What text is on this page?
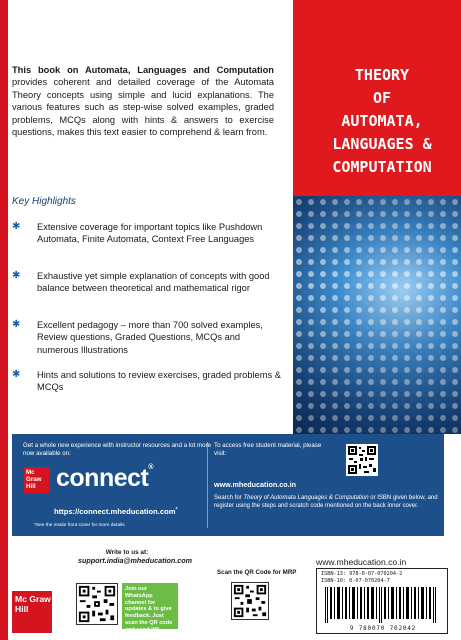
This book on Automata, Languages and Computation provides coherent and detailed coverage of the Automata Theory concepts using simple and lucid explanations. The various features such as step-wise solved examples, graded problems, MCQs along with hints & answers to exercise questions, makes this text easier to comprehend & learn from.
Key Highlights
✱ Extensive coverage for important topics like Pushdown Automata, Finite Automata, Context Free Languages
✱ Exhaustive yet simple explanation of concepts with good balance between theoretical and mathematical rigor
✱ Excellent pedagogy – more than 700 solved examples, Review questions, Graded Questions, MCQs and numerous Illustrations
✱ Hints and solutions to review exercises, graded problems & MCQs
THEORY
OF
AUTOMATA,
LANGUAGES &
COMPUTATION
Get a whole new experience with instructor resources and a lot more now available on:
Mc Graw Hill connect®
https://connect.mheducation.com*
*See the inside front cover for more details
To access free student material, please visit:
www.mheducation.co.in
Search for Theory of Automata Languages & Computation or ISBN given below, and register using the steps and scratch code mentioned on the back inner cover.
Write to us at:
support.india@mheducation.com
Mc Graw Hill
Join our WhatsApp channel for updates & to give feedback. Just scan the QR code and send 'Hi'
Scan the QR Code for MRP
www.mheducation.co.in
ISBN-13: 978-0-07-070204-2
ISBN-10: 0-07-070204-7
9 780070 702042
